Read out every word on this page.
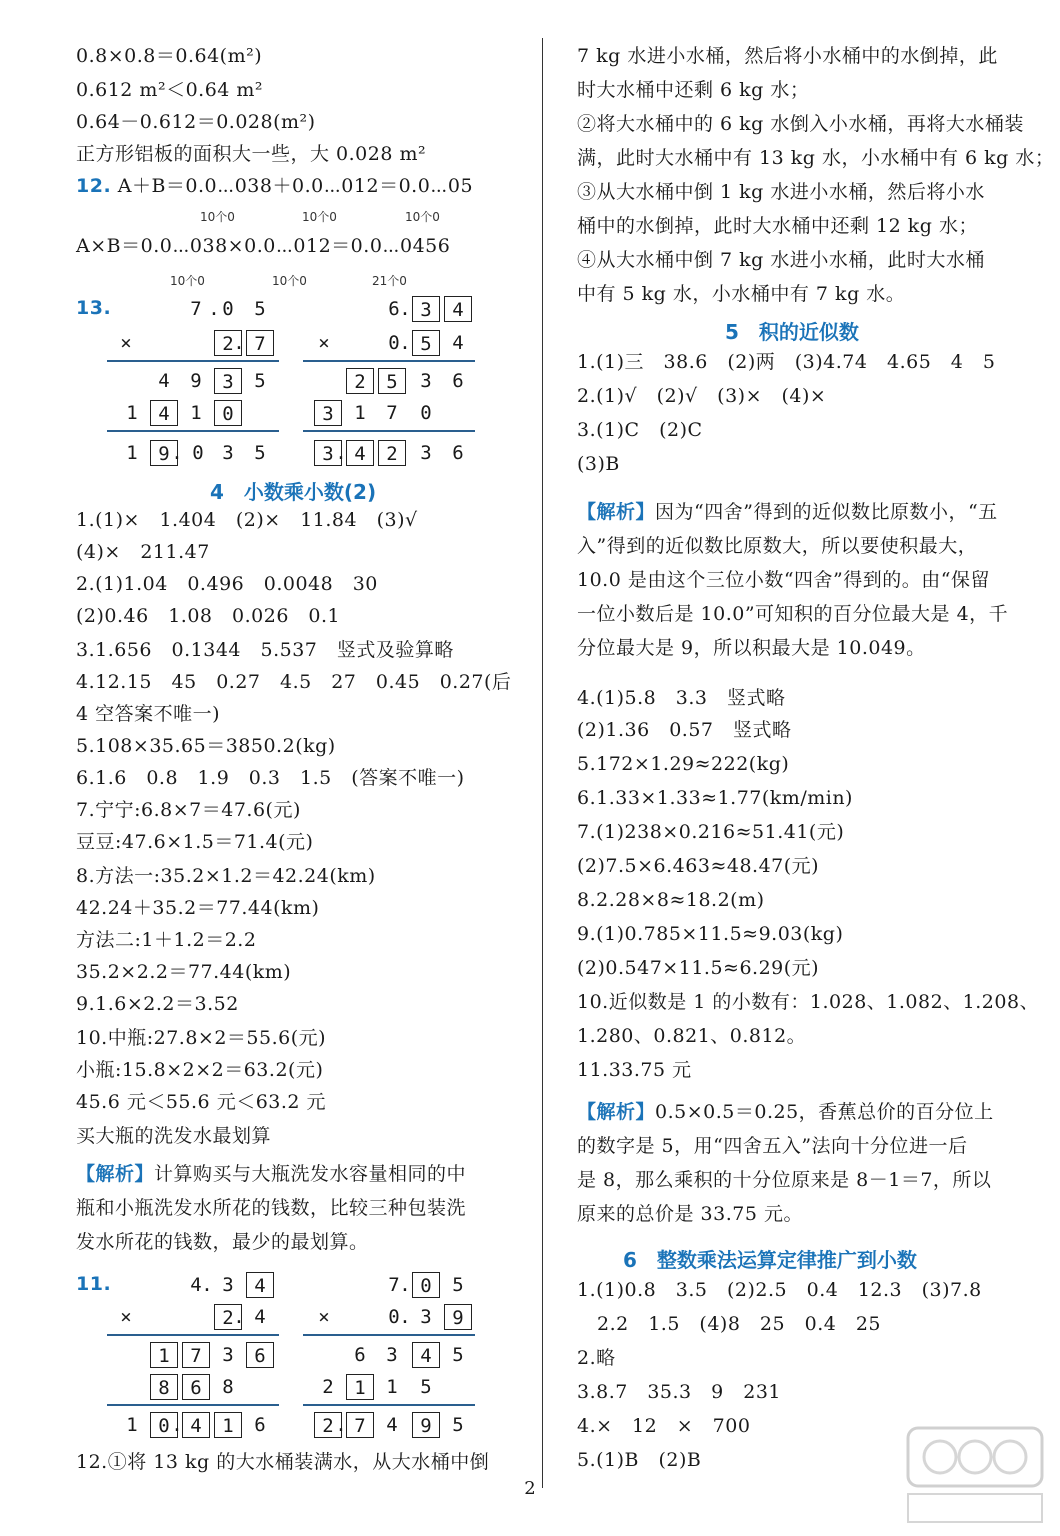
0.8×0.8＝0.64(m²)
0.612 m²＜0.64 m²
0.64－0.612＝0.028(m²)
正方形铝板的面积大一些，大 0.028 m²
12. A＋B＝0.0⋯038＋0.0⋯012＝0.0⋯05
10个0	10个0	10个0
A×B＝0.0⋯038×0.0⋯012＝0.0⋯0456
10个0	10个0	21个0
13.	7 . 0	5
×	2 . 7
4	9	3	5
1	4	1	0
1	9 . 0 3	5
6 . 3	4
×	0 . 5	4
2	5	3	6
3	1	7	0
3 . 4	2	3	6
4　小数乘小数(2)
1.(1)×　1.404　(2)×　11.84　(3)√
(4)×　211.47
2.(1)1.04　0.496　0.0048　30
(2)0.46　1.08　0.026　0.1
3.1.656　0.1344　5.537　竖式及验算略
4.12.15　45　0.27　4.5　27　0.45　0.27(后
4 空答案不唯一)
5.108×35.65＝3850.2(kg)
6.1.6　0.8　1.9　0.3　1.5　(答案不唯一)
7.宁宁:6.8×7＝47.6(元)
豆豆:47.6×1.5＝71.4(元)
8.方法一:35.2×1.2＝42.24(km)
42.24＋35.2＝77.44(km)
方法二:1＋1.2＝2.2
35.2×2.2＝77.44(km)
9.1.6×2.2＝3.52
10.中瓶:27.8×2＝55.6(元)
小瓶:15.8×2×2＝63.2(元)
45.6 元＜55.6 元＜63.2 元
买大瓶的洗发水最划算
【解析】计算购买与大瓶洗发水容量相同的中
瓶和小瓶洗发水所花的钱数，比较三种包装洗
发水所花的钱数，最少的最划算。
11.	4 . 3	4
×	2 . 4
1	7	3	6
8	6	8
1	0 . 4	1	6
7 . 0	5
×	0 . 3	9
6	3	4	5
2	1	1	5
2 . 7	4	9	5
12.①将 13 kg 的大水桶装满水，从大水桶中倒
7 kg 水进小水桶，然后将小水桶中的水倒掉，此
时大水桶中还剩 6 kg 水；
②将大水桶中的 6 kg 水倒入小水桶，再将大水桶装
满，此时大水桶中有 13 kg 水，小水桶中有 6 kg 水；
③从大水桶中倒 1 kg 水进小水桶，然后将小水
桶中的水倒掉，此时大水桶中还剩 12 kg 水；
④从大水桶中倒 7 kg 水进小水桶，此时大水桶
中有 5 kg 水，小水桶中有 7 kg 水。
5　积的近似数
1.(1)三　38.6　(2)两　(3)4.74　4.65　4　5
2.(1)√　(2)√　(3)×　(4)×
3.(1)C　(2)C
(3)B
【解析】因为“四舍”得到的近似数比原数小，“五
入”得到的近似数比原数大，所以要使积最大，
10.0 是由这个三位小数“四舍”得到的。由“保留
一位小数后是 10.0”可知积的百分位最大是 4，千
分位最大是 9，所以积最大是 10.049。
4.(1)5.8　3.3　竖式略
(2)1.36　0.57　竖式略
5.172×1.29≈222(kg)
6.1.33×1.33≈1.77(km/min)
7.(1)238×0.216≈51.41(元)
(2)7.5×6.463≈48.47(元)
8.2.28×8≈18.2(m)
9.(1)0.785×11.5≈9.03(kg)
(2)0.547×11.5≈6.29(元)
10.近似数是 1 的小数有：1.028、1.082、1.208、
1.280、0.821、0.812。
11.33.75 元
【解析】0.5×0.5＝0.25，香蕉总价的百分位上
的数字是 5，用“四舍五入”法向十分位进一后
是 8，那么乘积的十分位原来是 8－1＝7，所以
原来的总价是 33.75 元。
6　整数乘法运算定律推广到小数
1.(1)0.8　3.5　(2)2.5　0.4　12.3　(3)7.8
2.2　1.5　(4)8　25　0.4　25
2.略
3.8.7　35.3　9　231
4.×　12　×　700
5.(1)B　(2)B
2
